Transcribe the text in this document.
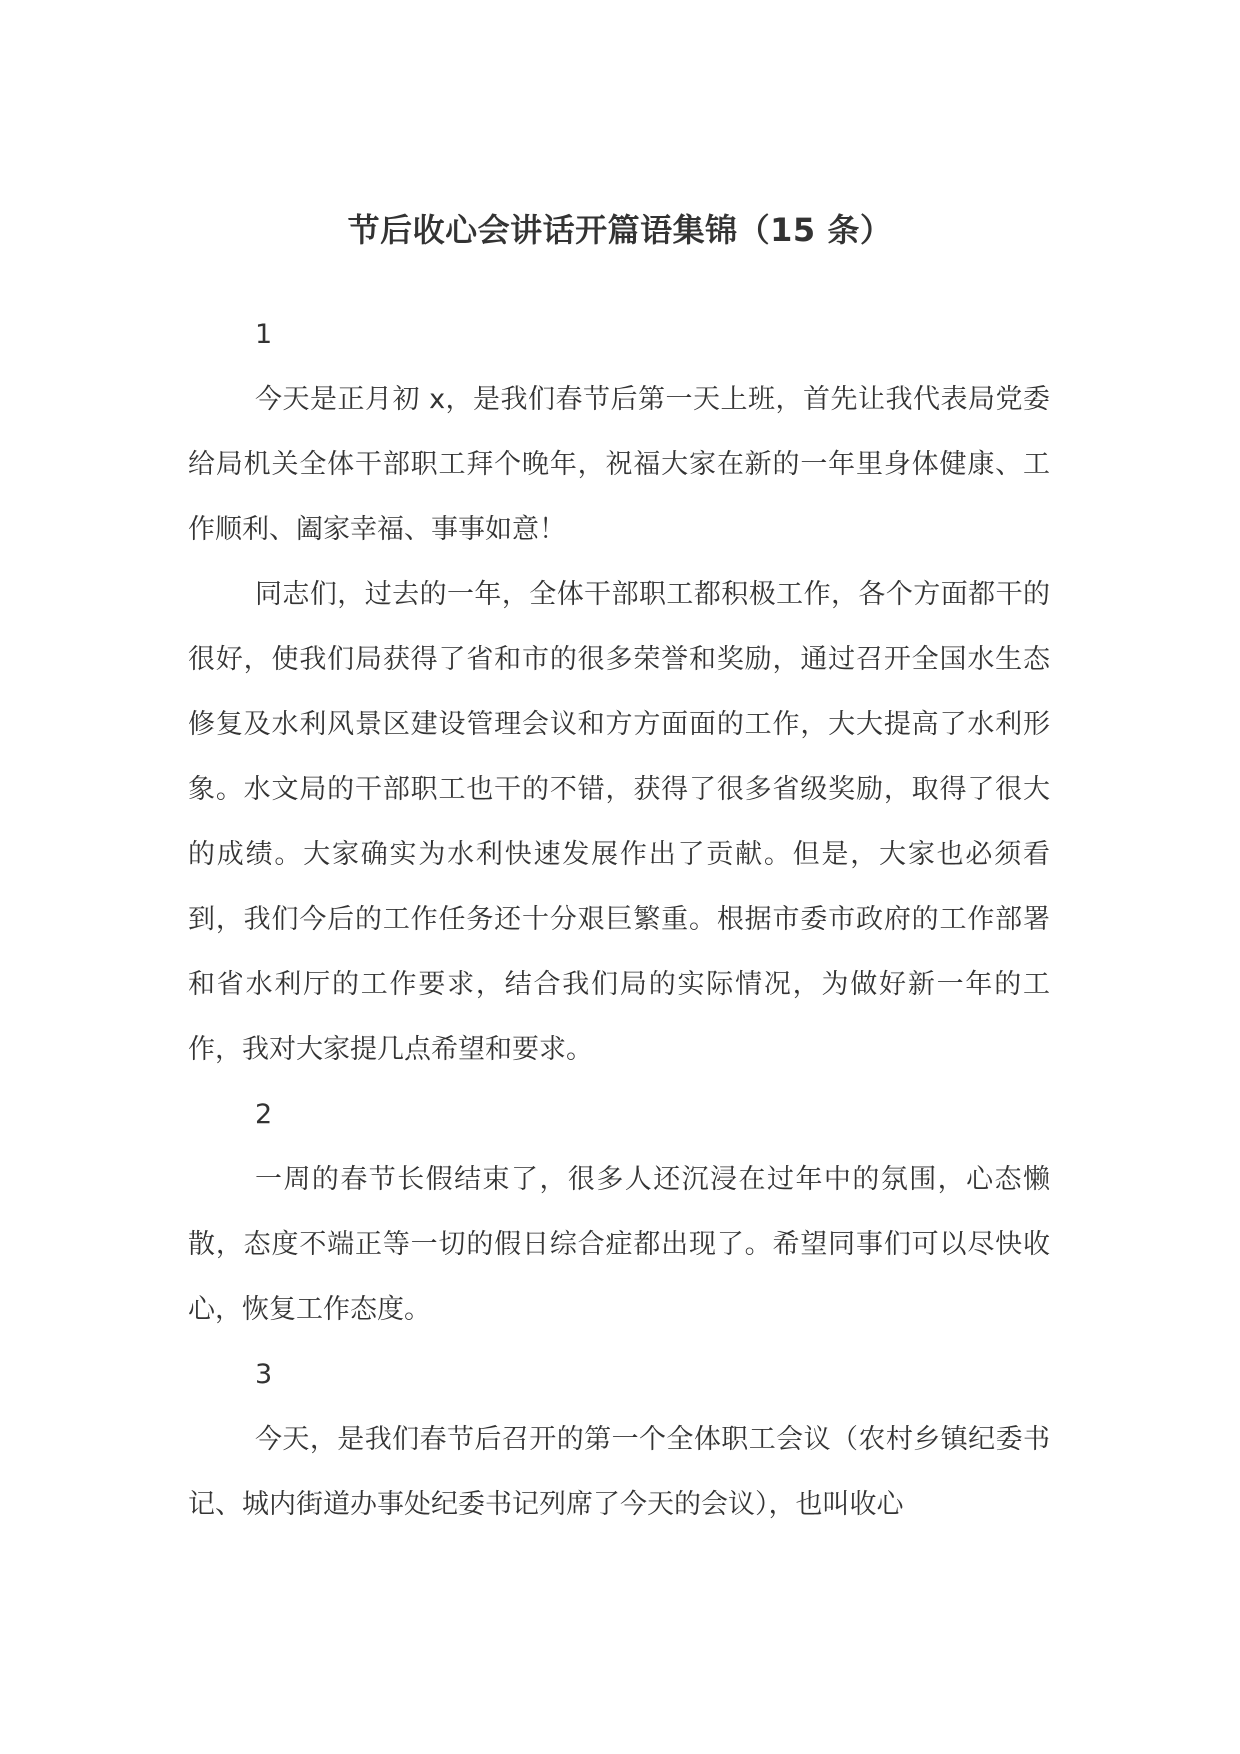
节后收心会讲话开篇语集锦（15 条）

1

今天是正月初 x，是我们春节后第一天上班，首先让我代表局党委给局机关全体干部职工拜个晚年，祝福大家在新的一年里身体健康、工作顺利、阖家幸福、事事如意！

同志们，过去的一年，全体干部职工都积极工作，各个方面都干的很好，使我们局获得了省和市的很多荣誉和奖励，通过召开全国水生态修复及水利风景区建设管理会议和方方面面的工作，大大提高了水利形象。水文局的干部职工也干的不错，获得了很多省级奖励，取得了很大的成绩。大家确实为水利快速发展作出了贡献。但是，大家也必须看到，我们今后的工作任务还十分艰巨繁重。根据市委市政府的工作部署和省水利厅的工作要求，结合我们局的实际情况，为做好新一年的工作，我对大家提几点希望和要求。

2

一周的春节长假结束了，很多人还沉浸在过年中的氛围，心态懒散，态度不端正等一切的假日综合症都出现了。希望同事们可以尽快收心，恢复工作态度。

3

今天，是我们春节后召开的第一个全体职工会议（农村乡镇纪委书记、城内街道办事处纪委书记列席了今天的会议），也叫收心
